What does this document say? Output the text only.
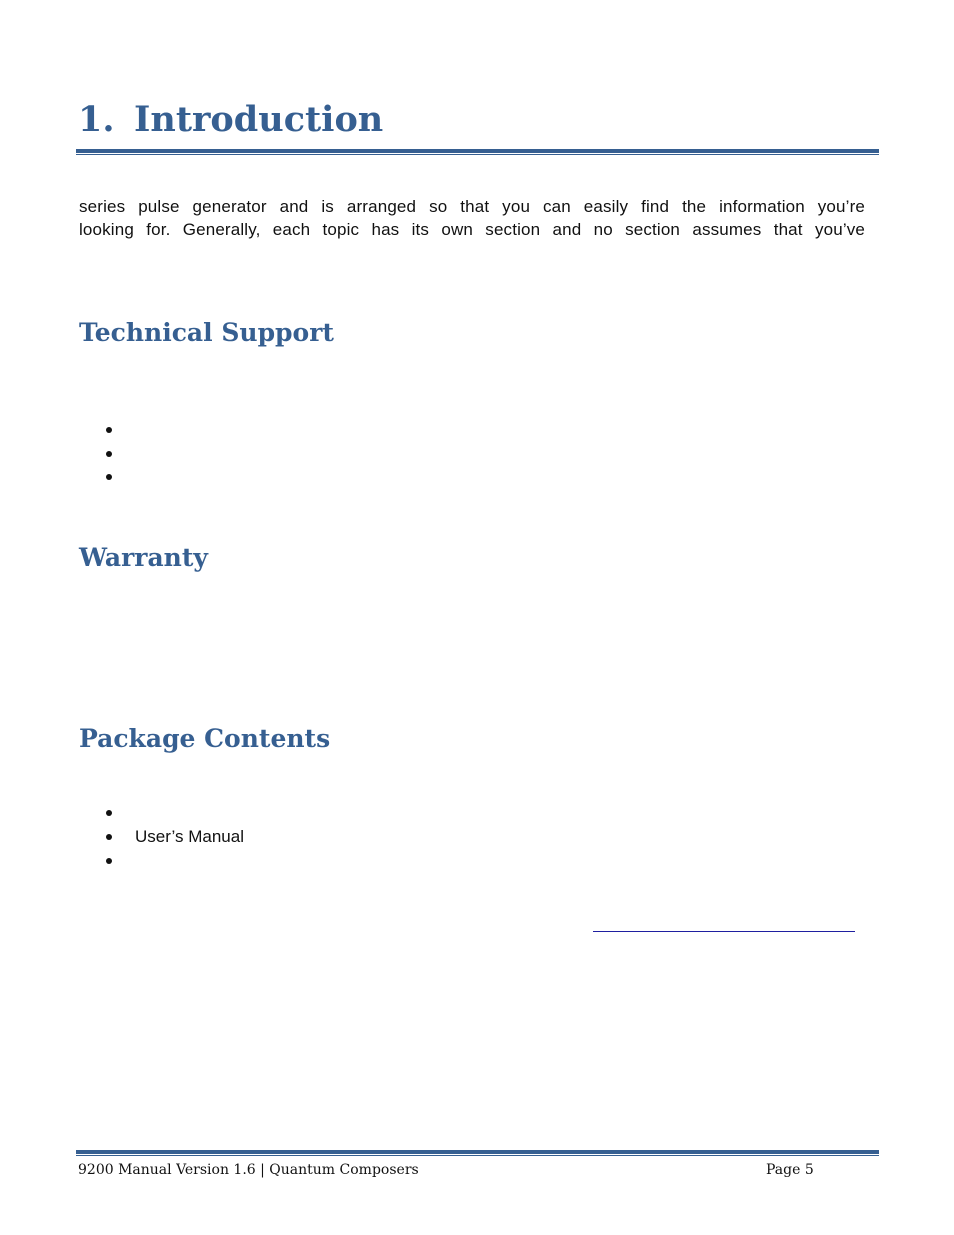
1. Introduction

series pulse generator and is arranged so that you can easily find the information you’re
looking for. Generally, each topic has its own section and no section assumes that you’ve

Technical Support
Warranty
Package Contents
User’s Manual
9200 Manual Version 1.6 | Quantum Composers	Page 5
